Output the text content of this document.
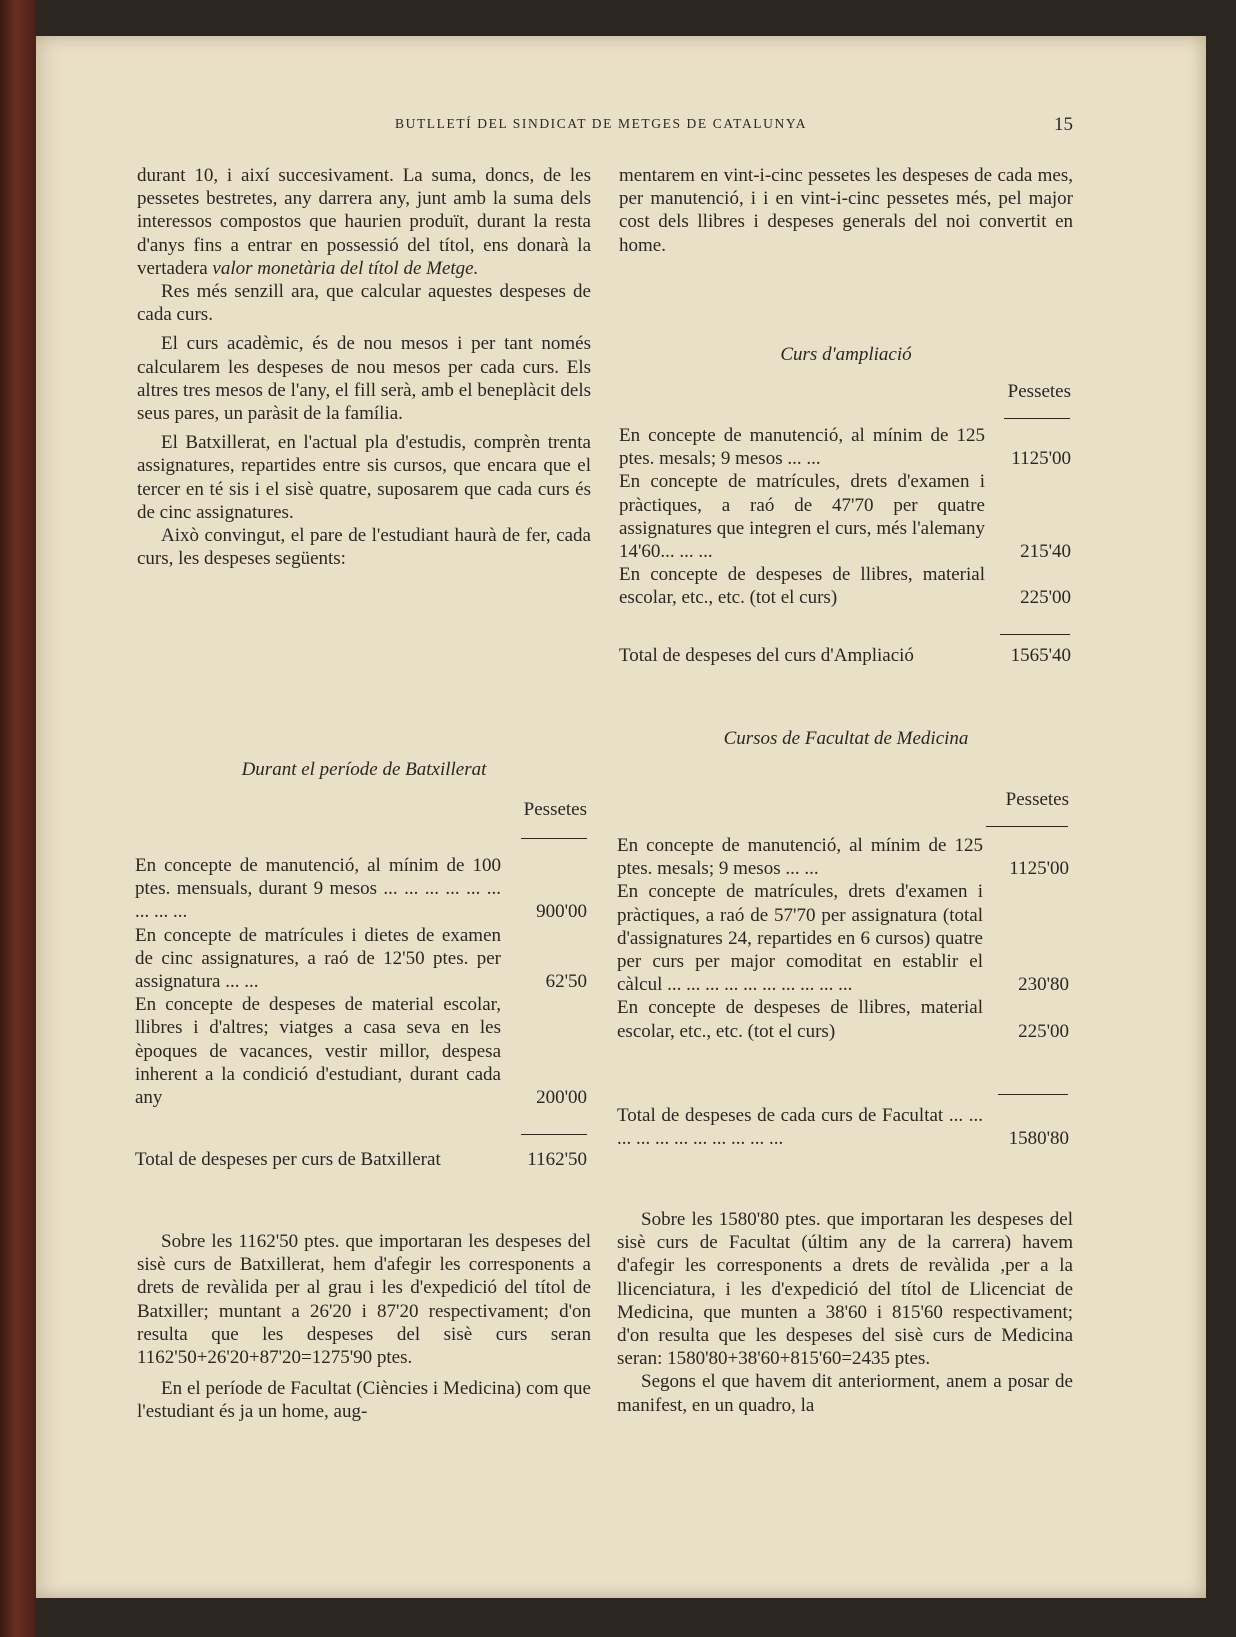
BUTLLETÍ DEL SINDICAT DE METGES DE CATALUNYA	15

durant 10, i així succesivament. La suma, doncs, de les pessetes bestretes, any darrera any, junt amb la suma dels interessos compostos que haurien produït, durant la resta d'anys fins a entrar en possessió del títol, ens donarà la vertadera valor monetària del títol de Metge.

Res més senzill ara, que calcular aquestes despeses de cada curs.

El curs acadèmic, és de nou mesos i per tant només calcularem les despeses de nou mesos per cada curs. Els altres tres mesos de l'any, el fill serà, amb el beneplàcit dels seus pares, un paràsit de la família.

El Batxillerat, en l'actual pla d'estudis, comprèn trenta assignatures, repartides entre sis cursos, que encara que el tercer en té sis i el sisè quatre, suposarem que cada curs és de cinc assignatures.

Això convingut, el pare de l'estudiant haurà de fer, cada curs, les despeses següents:

Durant el període de Batxillerat
Pessetes
En concepte de manutenció, al mínim de 100 ptes. mensuals, durant 9 mesos ... ... ... ... ... ... ... ... ...	900'00
En concepte de matrícules i dietes de examen de cinc assignatures, a raó de 12'50 ptes. per assignatura ... ...	62'50
En concepte de despeses de material escolar, llibres i d'altres; viatges a casa seva en les èpoques de vacances, vestir millor, despesa inherent a la condició d'estudiant, durant cada any	200'00
Total de despeses per curs de Batxillerat	1162'50

Sobre les 1162'50 ptes. que importaran les despeses del sisè curs de Batxillerat, hem d'afegir les corresponents a drets de revàlida per al grau i les d'expedició del títol de Batxiller; muntant a 26'20 i 87'20 respectivament; d'on resulta que les despeses del sisè curs seran 1162'50+26'20+87'20=1275'90 ptes.

En el període de Facultat (Ciències i Medicina) com que l'estudiant és ja un home, aug-

mentarem en vint-i-cinc pessetes les despeses de cada mes, per manutenció, i i en vint-i-cinc pessetes més, pel major cost dels llibres i despeses generals del noi convertit en home.

Curs d'ampliació
Pessetes
En concepte de manutenció, al mínim de 125 ptes. mesals; 9 mesos ... ...	1125'00
En concepte de matrícules, drets d'examen i pràctiques, a raó de 47'70 per quatre assignatures que integren el curs, més l'alemany 14'60... ... ...	215'40
En concepte de despeses de llibres, material escolar, etc., etc. (tot el curs)	225'00
Total de despeses del curs d'Ampliació	1565'40
Cursos de Facultat de Medicina
Pessetes
En concepte de manutenció, al mínim de 125 ptes. mesals; 9 mesos ... ...	1125'00
En concepte de matrícules, drets d'examen i pràctiques, a raó de 57'70 per assignatura (total d'assignatures 24, repartides en 6 cursos) quatre per curs per major comoditat en establir el càlcul ... ... ... ... ... ... ... ... ... ...	230'80
En concepte de despeses de llibres, material escolar, etc., etc. (tot el curs)	225'00
Total de despeses de cada curs de Facultat ... ... ... ... ... ... ... ... ... ... ...	1580'80

Sobre les 1580'80 ptes. que importaran les despeses del sisè curs de Facultat (últim any de la carrera) havem d'afegir les corresponents a drets de revàlida ,per a la llicenciatura, i les d'expedició del títol de Llicenciat de Medicina, que munten a 38'60 i 815'60 respectivament; d'on resulta que les despeses del sisè curs de Medicina seran: 1580'80+38'60+815'60=2435 ptes.

Segons el que havem dit anteriorment, anem a posar de manifest, en un quadro, la
